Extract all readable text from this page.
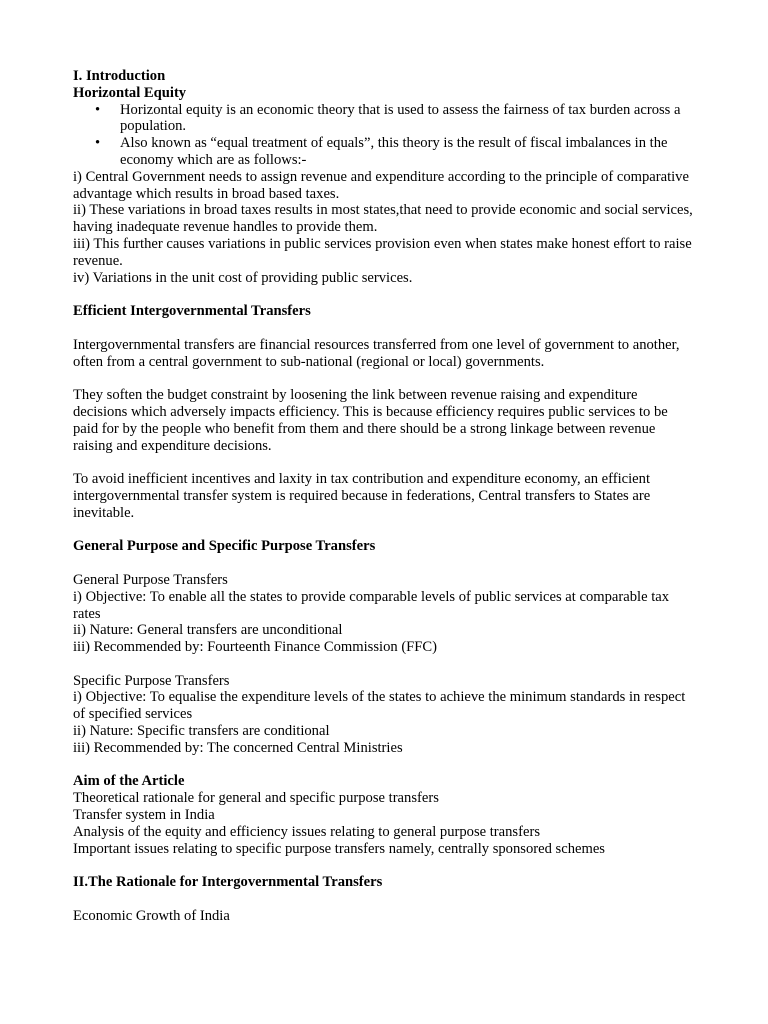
I. Introduction

Horizontal Equity

• Horizontal equity is an economic theory that is used to assess the fairness of tax burden across a population.
• Also known as “equal treatment of equals”, this theory is the result of fiscal imbalances in the economy which are as follows:-

i) Central Government needs to assign revenue and expenditure according to the principle of comparative advantage which results in broad based taxes.

ii) These variations in broad taxes results in most states,that need to provide economic and social services, having inadequate revenue handles to provide them.

iii) This further causes variations in public services provision even when states make honest effort to raise revenue.

iv) Variations in the unit cost of providing public services.

Efficient Intergovernmental Transfers

Intergovernmental transfers are financial resources transferred from one level of government to another, often from a central government to sub-national (regional or local) governments.

They soften the budget constraint by loosening the link between revenue raising and expenditure decisions which adversely impacts efficiency. This is because efficiency requires public services to be paid for by the people who benefit from them and there should be a strong linkage between revenue raising and expenditure decisions.

To avoid inefficient incentives and laxity in tax contribution and expenditure economy, an efficient intergovernmental transfer system is required because in federations, Central transfers to States are inevitable.

General Purpose and Specific Purpose Transfers

General Purpose Transfers

i) Objective: To enable all the states to provide comparable levels of public services at comparable tax rates

ii) Nature: General transfers are unconditional

iii) Recommended by: Fourteenth Finance Commission (FFC)

Specific Purpose Transfers

i) Objective: To equalise the expenditure levels of the states to achieve the minimum standards in respect of specified services

ii) Nature: Specific transfers are conditional

iii) Recommended by: The concerned Central Ministries

Aim of the Article

Theoretical rationale for general and specific purpose transfers

Transfer system in India

Analysis of the equity and efficiency issues relating to general purpose transfers

Important issues relating to specific purpose transfers namely, centrally sponsored schemes

II.The Rationale for Intergovernmental Transfers

Economic Growth of India
